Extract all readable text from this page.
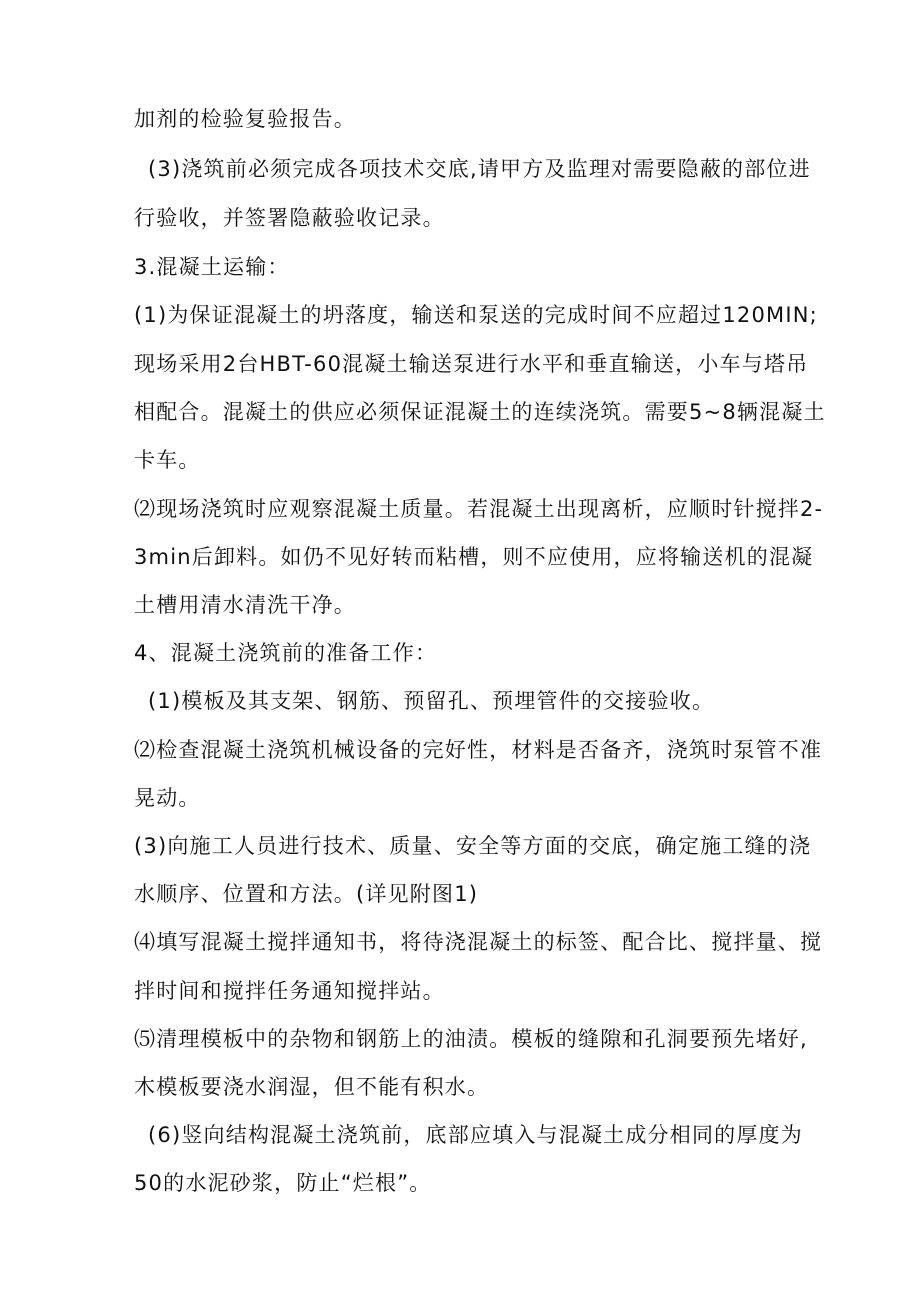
加剂的检验复验报告。
(3)浇筑前必须完成各项技术交底,请甲方及监理对需要隐蔽的部位进
行验收，并签署隐蔽验收记录。
3.混凝土运输：
(1)为保证混凝土的坍落度，输送和泵送的完成时间不应超过120MIN;
现场采用2台HBT-60混凝土输送泵进行水平和垂直输送，小车与塔吊
相配合。混凝土的供应必须保证混凝土的连续浇筑。需要5~8辆混凝土
卡车。
⑵现场浇筑时应观察混凝土质量。若混凝土出现离析，应顺时针搅拌2-
3min后卸料。如仍不见好转而粘槽，则不应使用，应将输送机的混凝
土槽用清水清洗干净。
4、混凝土浇筑前的准备工作：
(1)模板及其支架、钢筋、预留孔、预埋管件的交接验收。
⑵检查混凝土浇筑机械设备的完好性，材料是否备齐，浇筑时泵管不准
晃动。
(3)向施工人员进行技术、质量、安全等方面的交底，确定施工缝的浇
水顺序、位置和方法。(详见附图1)
⑷填写混凝土搅拌通知书，将待浇混凝土的标签、配合比、搅拌量、搅
拌时间和搅拌任务通知搅拌站。
⑸清理模板中的杂物和钢筋上的油渍。模板的缝隙和孔洞要预先堵好,
木模板要浇水润湿，但不能有积水。
(6)竖向结构混凝土浇筑前，底部应填入与混凝土成分相同的厚度为
50的水泥砂浆，防止“烂根”。
